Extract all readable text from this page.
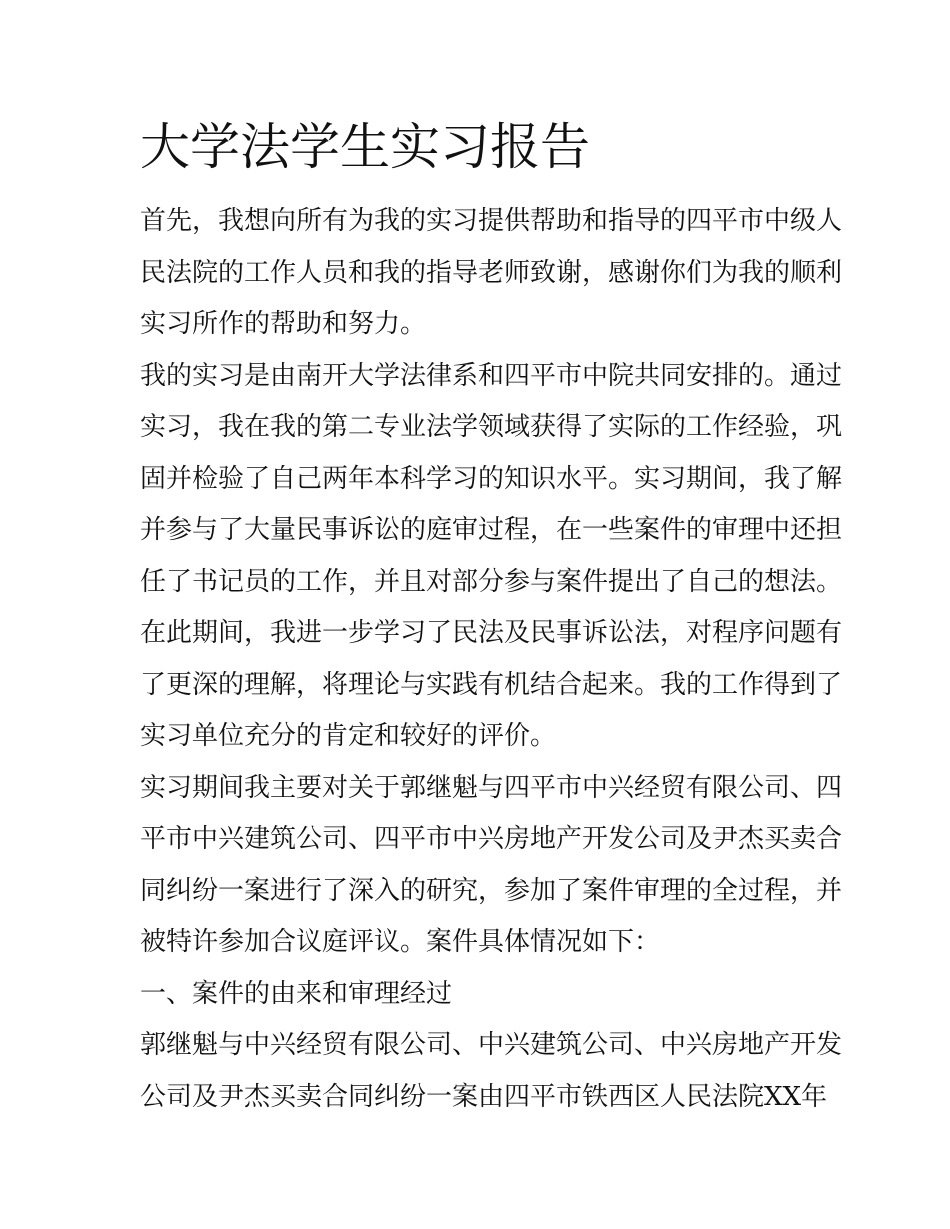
大学法学生实习报告
首先，我想向所有为我的实习提供帮助和指导的四平市中级人
民法院的工作人员和我的指导老师致谢，感谢你们为我的顺利
实习所作的帮助和努力。
我的实习是由南开大学法律系和四平市中院共同安排的。通过
实习，我在我的第二专业法学领域获得了实际的工作经验，巩
固并检验了自己两年本科学习的知识水平。实习期间，我了解
并参与了大量民事诉讼的庭审过程，在一些案件的审理中还担
任了书记员的工作，并且对部分参与案件提出了自己的想法。
在此期间，我进一步学习了民法及民事诉讼法，对程序问题有
了更深的理解，将理论与实践有机结合起来。我的工作得到了
实习单位充分的肯定和较好的评价。
实习期间我主要对关于郭继魁与四平市中兴经贸有限公司、四
平市中兴建筑公司、四平市中兴房地产开发公司及尹杰买卖合
同纠纷一案进行了深入的研究，参加了案件审理的全过程，并
被特许参加合议庭评议。案件具体情况如下：
一、案件的由来和审理经过
郭继魁与中兴经贸有限公司、中兴建筑公司、中兴房地产开发
公司及尹杰买卖合同纠纷一案由四平市铁西区人民法院XX年
